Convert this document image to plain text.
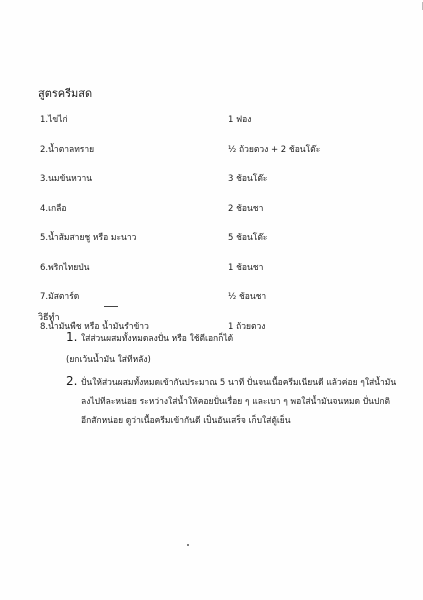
สูตรครีมสด
1.ไข่ไก่	1 ฟอง
2.น้ำตาลทราย	½ ถ้วยตวง + 2 ช้อนโต๊ะ
3.นมข้นหวาน	3 ช้อนโต๊ะ
4.เกลือ	2 ช้อนชา
5.น้ำส้มสายชู หรือ มะนาว	5 ช้อนโต๊ะ
6.พริกไทยป่น	1 ช้อนชา
7.มัสตาร์ด	½ ช้อนชา
8.น้ำมันพืช หรือ น้ำมันรำข้าว	1 ถ้วยตวง
วิธีทำ
1. ใส่ส่วนผสมทั้งหมดลงปั่น หรือ ใช้ตีเอกก็ได้
(ยกเว้นน้ำมัน ใส่ทีหลัง)
2. ปั่นให้ส่วนผสมทั้งหมดเข้ากันประมาณ 5 นาที ปั่นจนเนื้อครีมเนียนดี แล้วค่อย ๆใส่น้ำมัน
ลงไปทีละหน่อย ระหว่างใส่น้ำให้คอยปั่นเรื่อย ๆ และเบา ๆ พอใส่น้ำมันจนหมด ปั่นปกติ
อีกสักหน่อย ดูว่าเนื้อครีมเข้ากันดี เป็นอันเสร็จ เก็บใส่ตู้เย็น
